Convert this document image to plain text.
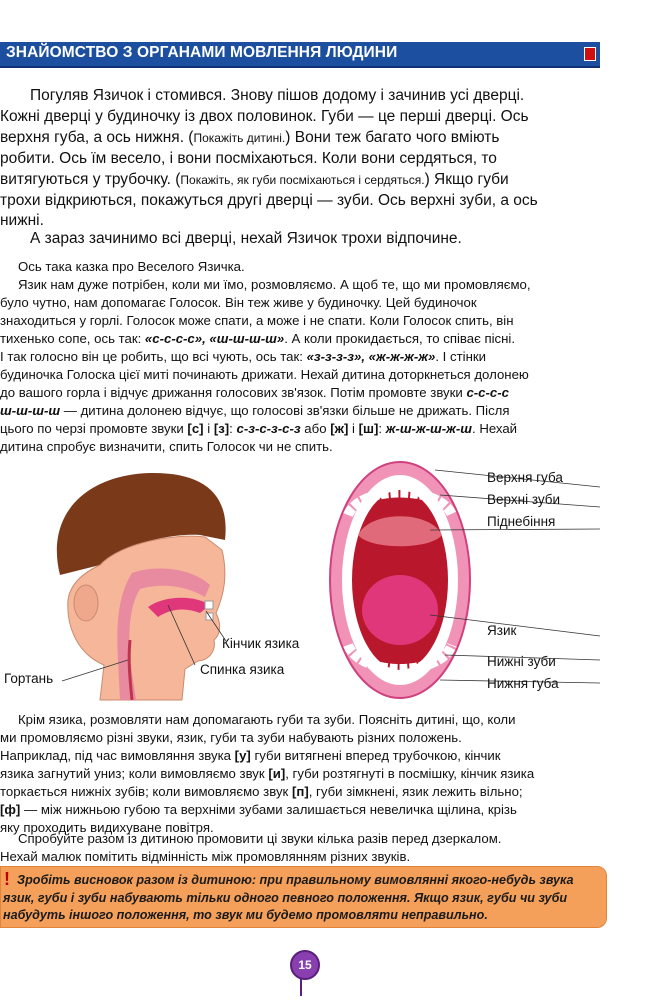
ЗНАЙОМСТВО З ОРГАНАМИ МОВЛЕННЯ ЛЮДИНИ
Погуляв Язичок і стомився. Знову пішов додому і зачинив усі дверці.
Кожні дверці у будиночку із двох половинок. Губи — це перші дверці. Ось
верхня губа, а ось нижня. (Покажіть дитині.) Вони теж багато чого вміють
робити. Ось їм весело, і вони посміхаються. Коли вони сердяться, то
витягуються у трубочку. (Покажіть, як губи посміхаються і сердяться.) Якщо губи
трохи відкриються, покажуться другі дверці — зуби. Ось верхні зуби, а ось
нижні.
А зараз зачинимо всі дверці, нехай Язичок трохи відпочине.
Ось така казка про Веселого Язичка.
Язик нам дуже потрібен, коли ми їмо, розмовляємо. А щоб те, що ми промовляємо,
було чутно, нам допомагає Голосок. Він теж живе у будиночку. Цей будиночок
знаходиться у горлі. Голосок може спати, а може і не спати. Коли Голосок спить, він
тихенько сопе, ось так: «с-с-с-с», «ш-ш-ш-ш». А коли прокидається, то співає пісні.
І так голосно він це робить, що всі чують, ось так: «з-з-з-з», «ж-ж-ж-ж». І стінки
будиночка Голоска цієї миті починають дрижати. Нехай дитина доторкнеться долонею
до вашого горла і відчує дрижання голосових зв'язок. Потім промовте звуки с-с-с-с
ш-ш-ш-ш — дитина долонею відчує, що голосові зв'язки більше не дрижать. Після
цього по черзі промовте звуки [с] і [з]: с-з-с-з-с-з або [ж] і [ш]: ж-ш-ж-ш-ж-ш. Нехай
дитина спробує визначити, спить Голосок чи не спить.
Кінчик язика
Спинка язика
Гортань
Верхня губа
Верхні зуби
Піднебіння
Язик
Нижні зуби
Нижня губа
Крім язика, розмовляти нам допомагають губи та зуби. Поясніть дитині, що, коли
ми промовляємо різні звуки, язик, губи та зуби набувають різних положень.
Наприклад, під час вимовляння звука [у] губи витягнені вперед трубочкою, кінчик
язика загнутий униз; коли вимовляємо звук [и], губи розтягнуті в посмішку, кінчик язика
торкається нижніх зубів; коли вимовляємо звук [п], губи зімкнені, язик лежить вільно;
[ф] — між нижньою губою та верхніми зубами залишається невеличка щілина, крізь
яку проходить видихуване повітря.
Спробуйте разом із дитиною промовити ці звуки кілька разів перед дзеркалом.
Нехай малюк помітить відмінність між промовлянням різних звуків.
! Зробіть висновок разом із дитиною: при правильному вимовлянні якого-небудь звука
язик, губи і зуби набувають тільки одного певного положення. Якщо язик, губи чи зуби
набудуть іншого положення, то звук ми будемо промовляти неправильно.
15
